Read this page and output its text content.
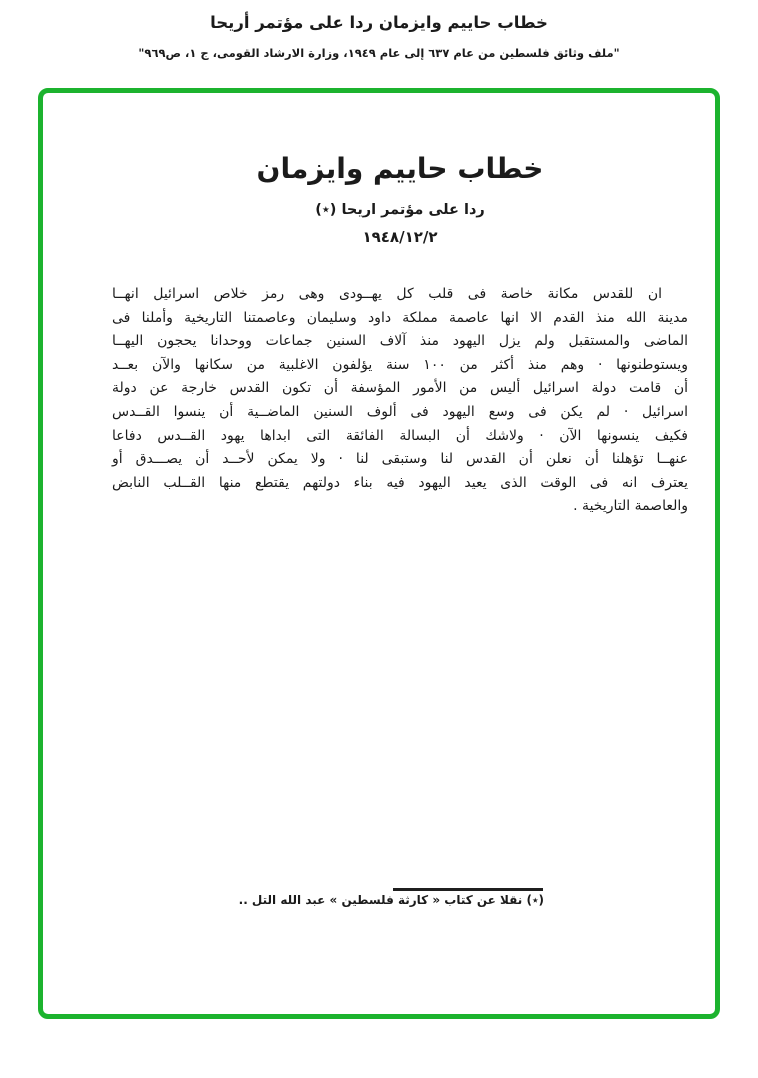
خطاب حاييم وايزمان ردا على مؤتمر أريحا
"ملف وثائق فلسطين من عام ٦٣٧ إلى عام ١٩٤٩، وزارة الارشاد القومى، ج ١، ص٩٦٩"
خطاب حاييم وايزمان
ردا على مؤتمر اريحا (٭)
١٩٤٨/١٢/٢
ان للقدس مكانة خاصة فى قلب كل يهــودى وهى رمز خلاص اسرائيل انهــا
مدينة الله منذ القدم الا انها عاصمة مملكة داود وسليمان وعاصمتنا التاريخية وأملنا فى
الماضى والمستقبل ولم يزل اليهود منذ آلاف السنين جماعات ووحدانا يحجون اليهــا
ويستوطنونها · وهم منذ أكثر من ١٠٠ سنة يؤلفون الاغلبية من سكانها والآن بعــد
أن قامت دولة اسرائيل أليس من الأمور المؤسفة أن تكون القدس خارجة عن دولة
اسرائيل · لم يكن فى وسع اليهود فى ألوف السنين الماضــية أن ينسوا القــدس
فكيف ينسونها الآن · ولاشك أن البسالة الفائقة التى ابداها يهود القــدس دفاعا
عنهــا تؤهلنا أن نعلن أن القدس لنا وستبقى لنا · ولا يمكن لأحــد أن يصـــدق أو
يعترف انه فى الوقت الذى يعيد اليهود فيه بناء دولتهم يقتطع منها القــلب النابض
والعاصمة التاريخية .
(٭) نقلا عن كتاب « كارثة فلسطين » عبد الله التل ..
